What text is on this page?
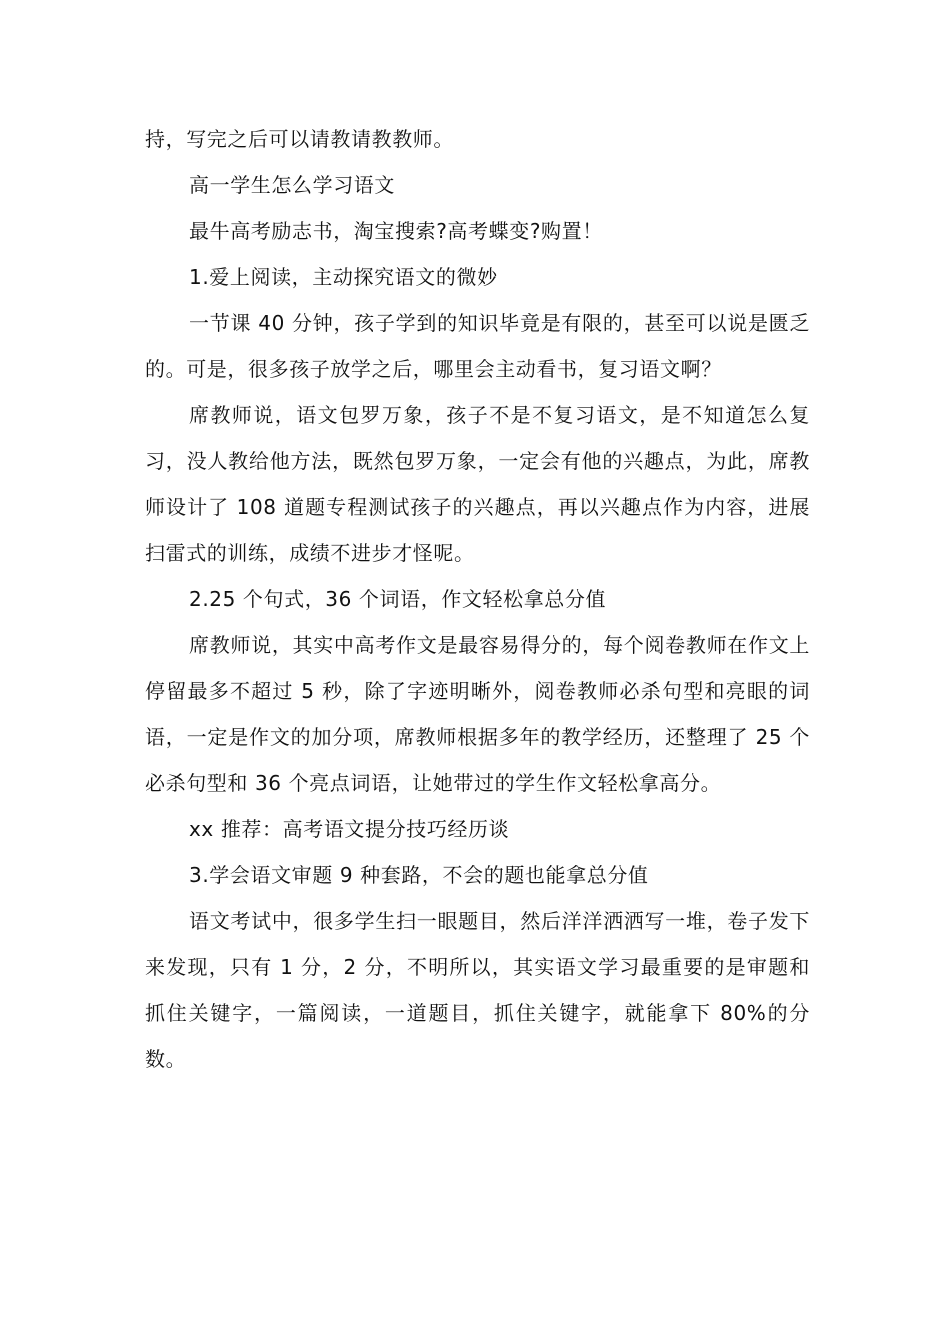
持，写完之后可以请教请教教师。

高一学生怎么学习语文

最牛高考励志书，淘宝搜索?高考蝶变?购置！

1.爱上阅读，主动探究语文的微妙

一节课 40 分钟，孩子学到的知识毕竟是有限的，甚至可以说是匮乏的。可是，很多孩子放学之后，哪里会主动看书，复习语文啊？

席教师说，语文包罗万象，孩子不是不复习语文，是不知道怎么复习，没人教给他方法，既然包罗万象，一定会有他的兴趣点，为此，席教师设计了 108 道题专程测试孩子的兴趣点，再以兴趣点作为内容，进展扫雷式的训练，成绩不进步才怪呢。

2.25 个句式，36 个词语，作文轻松拿总分值

席教师说，其实中高考作文是最容易得分的，每个阅卷教师在作文上停留最多不超过 5 秒，除了字迹明晰外，阅卷教师必杀句型和亮眼的词语，一定是作文的加分项，席教师根据多年的教学经历，还整理了 25 个必杀句型和 36 个亮点词语，让她带过的学生作文轻松拿高分。

xx 推荐：高考语文提分技巧经历谈

3.学会语文审题 9 种套路，不会的题也能拿总分值

语文考试中，很多学生扫一眼题目，然后洋洋洒洒写一堆，卷子发下来发现，只有 1 分，2 分，不明所以，其实语文学习最重要的是审题和抓住关键字，一篇阅读，一道题目，抓住关键字，就能拿下 80%的分数。
